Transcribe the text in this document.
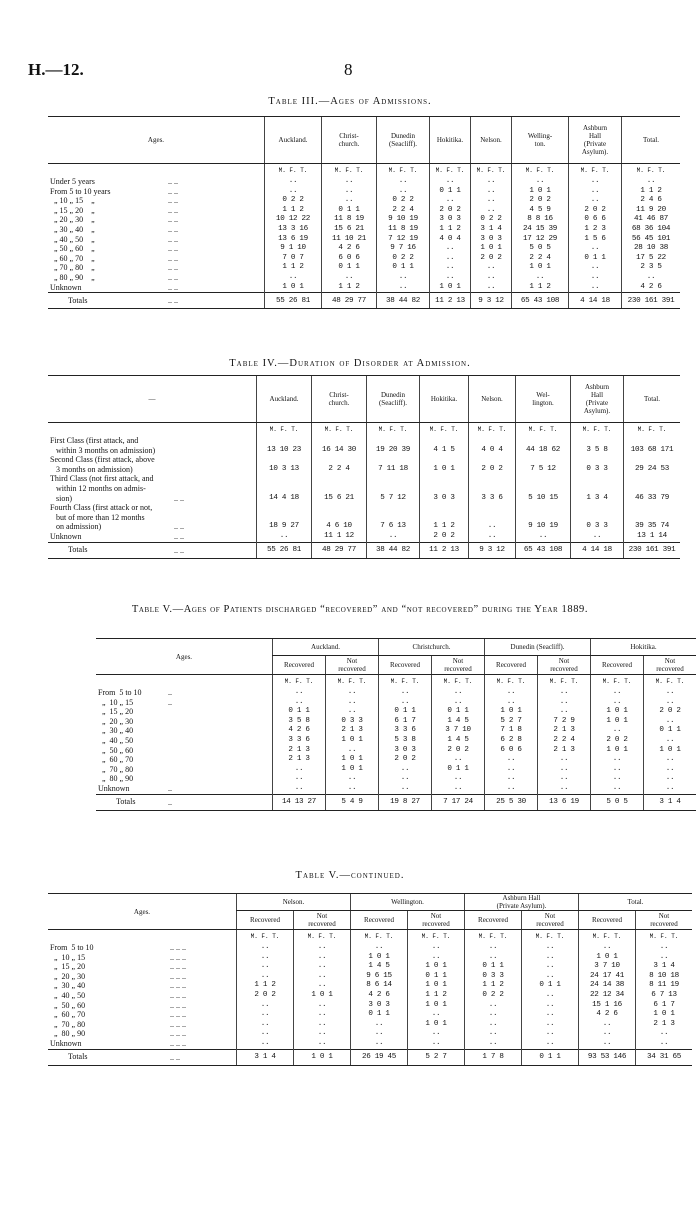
H.—12.	8
Table III.—Ages of Admissions.
Ages.		Auckland.	Christ-
church.	Dunedin
(Seacliff).	Hokitika.	Nelson.	Welling-
ton.	Ashburn
Hall
(Private
Asylum).	Total.
		M. F. T.	M. F. T.	M. F. T.	M. F. T.	M. F. T.	M. F. T.	M. F. T.	M. F. T.
Under 5 years	.. ..	..	..	..	..	..	..	..	..
From 5 to 10 years	.. ..	..	..	..	0 1 1	..	1 0 1	..	1 1 2
„ 10 „ 15    „	.. ..	0 2 2	..	0 2 2	..	..	2 0 2	..	2 4 6
„ 15 „ 20    „	.. ..	1 1 2	0 1 1	2 2 4	2 0 2	..	4 5 9	2 0 2	11 9 20
„ 20 „ 30    „	.. ..	10 12 22	11 8 19	9 10 19	3 0 3	0 2 2	8 8 16	0 6 6	41 46 87
„ 30 „ 40    „	.. ..	13 3 16	15 6 21	11 8 19	1 1 2	3 1 4	24 15 39	1 2 3	68 36 104
„ 40 „ 50    „	.. ..	13 6 19	11 10 21	7 12 19	4 0 4	3 0 3	17 12 29	1 5 6	56 45 101
„ 50 „ 60    „	.. ..	9 1 10	4 2 6	9 7 16	..	1 0 1	5 0 5	..	28 10 38
„ 60 „ 70    „	.. ..	7 0 7	6 0 6	0 2 2	..	2 0 2	2 2 4	0 1 1	17 5 22
„ 70 „ 80    „	.. ..	1 1 2	0 1 1	0 1 1	..	..	1 0 1	..	2 3 5
„ 80 „ 90    „	.. ..	..	..	..	..	..	..	..	..
Unknown	.. ..	1 0 1	1 1 2	..	1 0 1	..	1 1 2	..	4 2 6
Totals	.. ..	55 26 81	48 29 77	38 44 82	11 2 13	9 3 12	65 43 108	4 14 18	230 161 391
Table IV.—Duration of Disorder at Admission.
—		Auckland.	Christ-
church.	Dunedin
(Seacliff).	Hokitika.	Nelson.	Wel-
lington.	Ashburn
Hall
(Private
Asylum).	Total.
		M. F. T.	M. F. T.	M. F. T.	M. F. T.	M. F. T.	M. F. T.	M. F. T.	M. F. T.
First Class (first attack, and
within 3 months on admission)		13 10 23	16 14 30	19 20 39	4 1 5	4 0 4	44 18 62	3 5 8	103 68 171
Second Class (first attack, above
3 months on admission)		10 3 13	2 2 4	7 11 18	1 0 1	2 0 2	7 5 12	0 3 3	29 24 53
Third Class (not first attack, and
within 12 months on admis-
sion)	.. ..	14 4 18	15 6 21	5 7 12	3 0 3	3 3 6	5 10 15	1 3 4	46 33 79
Fourth Class (first attack or not,
but of more than 12 months
on admission)	.. ..	18 9 27	4 6 10	7 6 13	1 1 2	..	9 10 19	0 3 3	39 35 74
Unknown	.. ..	..	11 1 12	..	2 0 2	..	..	..	13 1 14
Totals	.. ..	55 26 81	48 29 77	38 44 82	11 2 13	9 3 12	65 43 108	4 14 18	230 161 391
Table V.—Ages of Patients discharged “recovered” and “not recovered” during the Year 1889.
Ages.		Auckland.		Christchurch.		Dunedin (Seacliff).		Hokitika.	
		Recovered	Not
recovered	Recovered	Not
recovered	Recovered	Not
recovered	Recovered	Not
recovered
		M. F. T.	M. F. T.	M. F. T.	M. F. T.	M. F. T.	M. F. T.	M. F. T.	M. F. T.
From  5 to 10	..	..	..	..	..	..	..	..	..
„  10 „ 15	..	..	..	..	..	..	..	..	..
„  15 „ 20		0 1 1	..	0 1 1	0 1 1	1 0 1	..	1 0 1	2 0 2
„  20 „ 30		3 5 8	0 3 3	6 1 7	1 4 5	5 2 7	7 2 9	1 0 1	..
„  30 „ 40		4 2 6	2 1 3	3 3 6	3 7 10	7 1 8	2 1 3	..	0 1 1
„  40 „ 50		3 3 6	1 0 1	5 3 8	1 4 5	6 2 8	2 2 4	2 0 2	..
„  50 „ 60		2 1 3	..	3 0 3	2 0 2	6 0 6	2 1 3	1 0 1	1 0 1
„  60 „ 70		2 1 3	1 0 1	2 0 2	..	..	..	..	..
„  70 „ 80		..	1 0 1	..	0 1 1	..	..	..	..
„  80 „ 90		..	..	..	..	..	..	..	..
Unknown	..	..	..	..	..	..	..	..	..
Totals	..	14 13 27	5 4 9	19 8 27	7 17 24	25 5 30	13 6 19	5 0 5	3 1 4
Table V.—continued.
Ages.		Nelson.		Wellington.		Ashburn Hall
(Private Asylum).		Total.	
		Recovered	Not
recovered	Recovered	Not
recovered	Recovered	Not
recovered	Recovered	Not
recovered
		M. F. T.	M. F. T.	M. F. T.	M. F. T.	M. F. T.	M. F. T.	M. F. T.	M. F. T.
From  5 to 10	.. .. ..	..	..	..	..	..	..	..	..
„  10 „ 15	.. .. ..	..	..	1 0 1	..	..	..	1 0 1	..
„  15 „ 20	.. .. ..	..	..	1 4 5	1 0 1	0 1 1	..	3 7 10	3 1 4
„  20 „ 30	.. .. ..	..	..	9 6 15	0 1 1	0 3 3	..	24 17 41	8 10 18
„  30 „ 40	.. .. ..	1 1 2	..	8 6 14	1 0 1	1 1 2	0 1 1	24 14 38	8 11 19
„  40 „ 50	.. .. ..	2 0 2	1 0 1	4 2 6	1 1 2	0 2 2	..	22 12 34	6 7 13
„  50 „ 60	.. .. ..	..	..	3 0 3	1 0 1	..	..	15 1 16	6 1 7
„  60 „ 70	.. .. ..	..	..	0 1 1	..	..	..	4 2 6	1 0 1
„  70 „ 80	.. .. ..	..	..	..	1 0 1	..	..	..	2 1 3
„  80 „ 90	.. .. ..	..	..	..	..	..	..	..	..
Unknown	.. .. ..	..	..	..	..	..	..	..	..
Totals	.. ..	3 1 4	1 0 1	26 19 45	5 2 7	1 7 8	0 1 1	93 53 146	34 31 65
